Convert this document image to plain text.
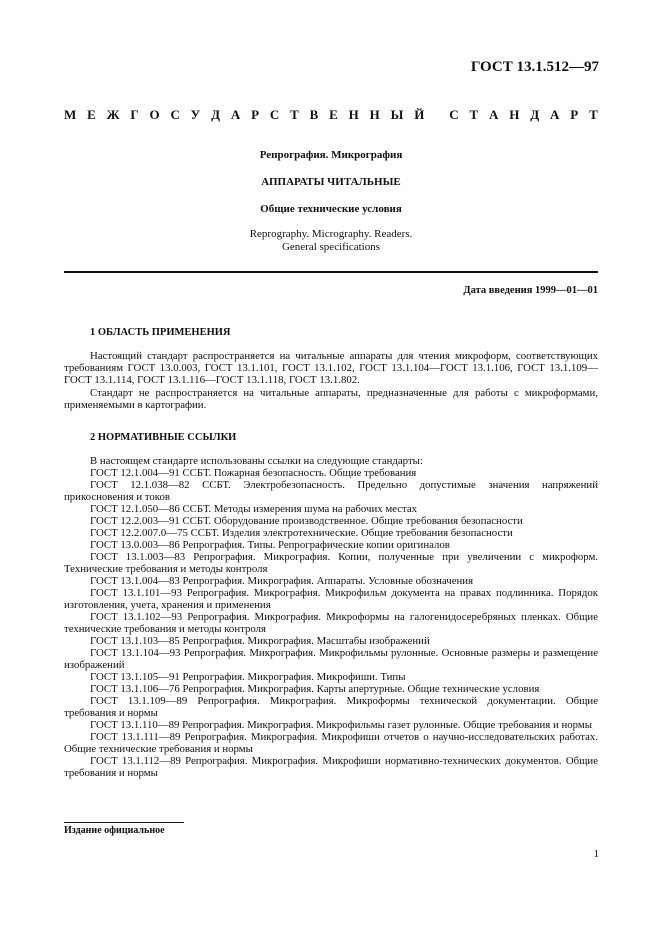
ГОСТ 13.1.512—97
М Е Ж Г О С У Д А Р С Т В Е Н Н Ы Й
С Т А Н Д А Р Т
Репрография. Микрография
АППАРАТЫ ЧИТАЛЬНЫЕ
Общие технические условия
Reprography. Micrography. Readers.
General specifications
Дата введения 1999—01—01
1 ОБЛАСТЬ ПРИМЕНЕНИЯ

Настоящий стандарт распространяется на читальные аппараты для чтения микроформ, соответствующих требованиям ГОСТ 13.0.003, ГОСТ 13.1.101, ГОСТ 13.1.102, ГОСТ 13.1.104—ГОСТ 13.1.106, ГОСТ 13.1.109—ГОСТ 13.1.114, ГОСТ 13.1.116—ГОСТ 13.1.118, ГОСТ 13.1.802.

Стандарт не распространяется на читальные аппараты, предназначенные для работы с микроформами, применяемыми в картографии.

2 НОРМАТИВНЫЕ ССЫЛКИ

В настоящем стандарте использованы ссылки на следующие стандарты:

ГОСТ 12.1.004—91 ССБТ. Пожарная безопасность. Общие требования

ГОСТ 12.1.038—82 ССБТ. Электробезопасность. Предельно допустимые значения напряжений прикосновения и токов

ГОСТ 12.1.050—86 ССБТ. Методы измерения шума на рабочих местах

ГОСТ 12.2.003—91 ССБТ. Оборудование производственное. Общие требования безопасности

ГОСТ 12.2.007.0—75 ССБТ. Изделия электротехнические. Общие требования безопасности

ГОСТ 13.0.003—86 Репрография. Типы. Репрографические копии оригиналов

ГОСТ 13.1.003—83 Репрография. Микрография. Копии, полученные при увеличении с микроформ. Технические требования и методы контроля

ГОСТ 13.1.004—83 Репрография. Микрография. Аппараты. Условные обозначения

ГОСТ 13.1.101—93 Репрография. Микрография. Микрофильм документа на правах подлинника. Порядок изготовления, учета, хранения и применения

ГОСТ 13.1.102—93 Репрография. Микрография. Микроформы на галогенидосеребряных пленках. Общие технические требования и методы контроля

ГОСТ 13.1.103—85 Репрография. Микрография. Масштабы изображений

ГОСТ 13.1.104—93 Репрография. Микрография. Микрофильмы рулонные. Основные размеры и размещение изображений

ГОСТ 13.1.105—91 Репрография. Микрография. Микрофиши. Типы

ГОСТ 13.1.106—76 Репрография. Микрография. Карты апертурные. Общие технические условия

ГОСТ 13.1.109—89 Репрография. Микрография. Микроформы технической документации. Общие требования и нормы

ГОСТ 13.1.110—89 Репрография. Микрография. Микрофильмы газет рулонные. Общие требования и нормы

ГОСТ 13.1.111—89 Репрография. Микрография. Микрофиши отчетов о научно-исследовательских работах. Общие технические требования и нормы

ГОСТ 13.1.112—89 Репрография. Микрография. Микрофиши нормативно-технических документов. Общие требования и нормы

Издание официальное
1
